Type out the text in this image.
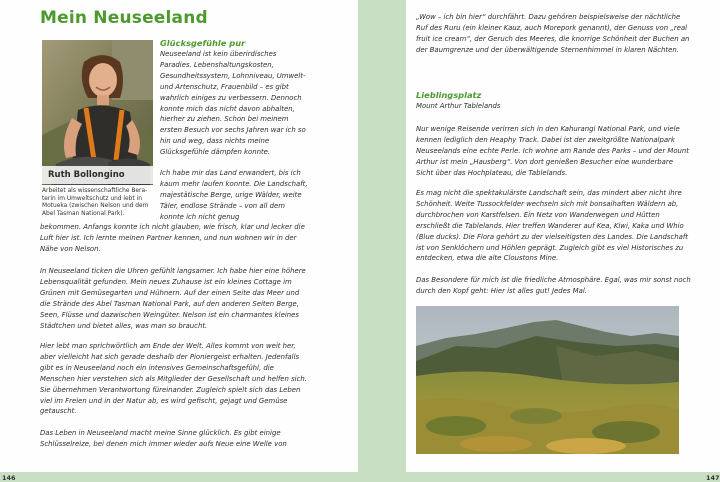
Mein Neuseeland
Ruth Bollongino
Arbeitet als wissenschaftliche Beraterin im Umweltschutz und lebt in Motueka (zwischen Nelson und dem Abel Tasman National Park).

Glücksgefühle pur

Neuseeland ist kein überirdisches Paradies. Lebenshaltungskosten, Gesundheitssystem, Lohnniveau, Umwelt- und Artenschutz, Frauenbild – es gibt wahrlich einiges zu verbessern. Dennoch konnte mich das nicht davon abhalten, hierher zu ziehen. Schon bei meinem ersten Besuch vor sechs Jahren war ich so hin und weg, dass nichts meine Glücksgefühle dämpfen konnte.

Ich habe mir das Land erwandert, bis ich kaum mehr laufen konnte. Die Landschaft, majestätische Berge, urige Wälder, weite Täler, endlose Strände – von all dem konnte ich nicht genug

bekommen. Anfangs konnte ich nicht glauben, wie frisch, klar und lecker die Luft hier ist. Ich lernte meinen Partner kennen, und nun wohnen wir in der Nähe von Nelson.

In Neuseeland ticken die Uhren gefühlt langsamer. Ich habe hier eine höhere Lebensqualität gefunden. Mein neues Zuhause ist ein kleines Cottage im Grünen mit Gemüsegarten und Hühnern. Auf der einen Seite das Meer und die Strände des Abel Tasman National Park, auf den anderen Seiten Berge, Seen, Flüsse und dazwischen Weingüter. Nelson ist ein charmantes kleines Städtchen und bietet alles, was man so braucht.

Hier lebt man sprichwörtlich am Ende der Welt. Alles kommt von weit her, aber vielleicht hat sich gerade deshalb der Pioniergeist erhalten. Jedenfalls gibt es in Neuseeland noch ein intensives Gemeinschaftsgefühl, die Menschen hier verstehen sich als Mitglieder der Gesellschaft und helfen sich. Sie übernehmen Verantwortung füreinander. Zugleich spielt sich das Leben viel im Freien und in der Natur ab, es wird gefischt, gejagt und Gemüse getauscht.

Das Leben in Neuseeland macht meine Sinne glücklich. Es gibt einige Schlüsselreize, bei denen mich immer wieder aufs Neue eine Welle von

146

„Wow – ich bin hier“ durchfährt. Dazu gehören beispielsweise der nächtliche Ruf des Ruru (ein kleiner Kauz, auch Morepork genannt), der Genuss von „real fruit ice cream“, der Geruch des Meeres, die knorrige Schönheit der Buchen an der Baumgrenze und der überwältigende Sternenhimmel in klaren Nächten.

Lieblingsplatz

Mount Arthur Tablelands

Nur wenige Reisende verirren sich in den Kahurangi National Park, und viele kennen lediglich den Heaphy Track. Dabei ist der zweitgrößte Nationalpark Neuseelands eine echte Perle. Ich wohne am Rande des Parks – und der Mount Arthur ist mein „Hausberg“. Von dort genießen Besucher eine wunderbare Sicht über das Hochplateau, die Tablelands.

Es mag nicht die spektakulärste Landschaft sein, das mindert aber nicht ihre Schönheit. Weite Tussockfelder wechseln sich mit bonsaihaften Wäldern ab, durchbrochen von Karstfelsen. Ein Netz von Wanderwegen und Hütten erschließt die Tablelands. Hier treffen Wanderer auf Kea, Kiwi, Kaka und Whio (Blue ducks). Die Flora gehört zu der vielseitigsten des Landes. Die Landschaft ist von Senklöchern und Höhlen geprägt. Zugleich gibt es viel Historisches zu entdecken, etwa die alte Cloustons Mine.

Das Besondere für mich ist die friedliche Atmosphäre. Egal, was mir sonst noch durch den Kopf geht: Hier ist alles gut! Jedes Mal.

147
